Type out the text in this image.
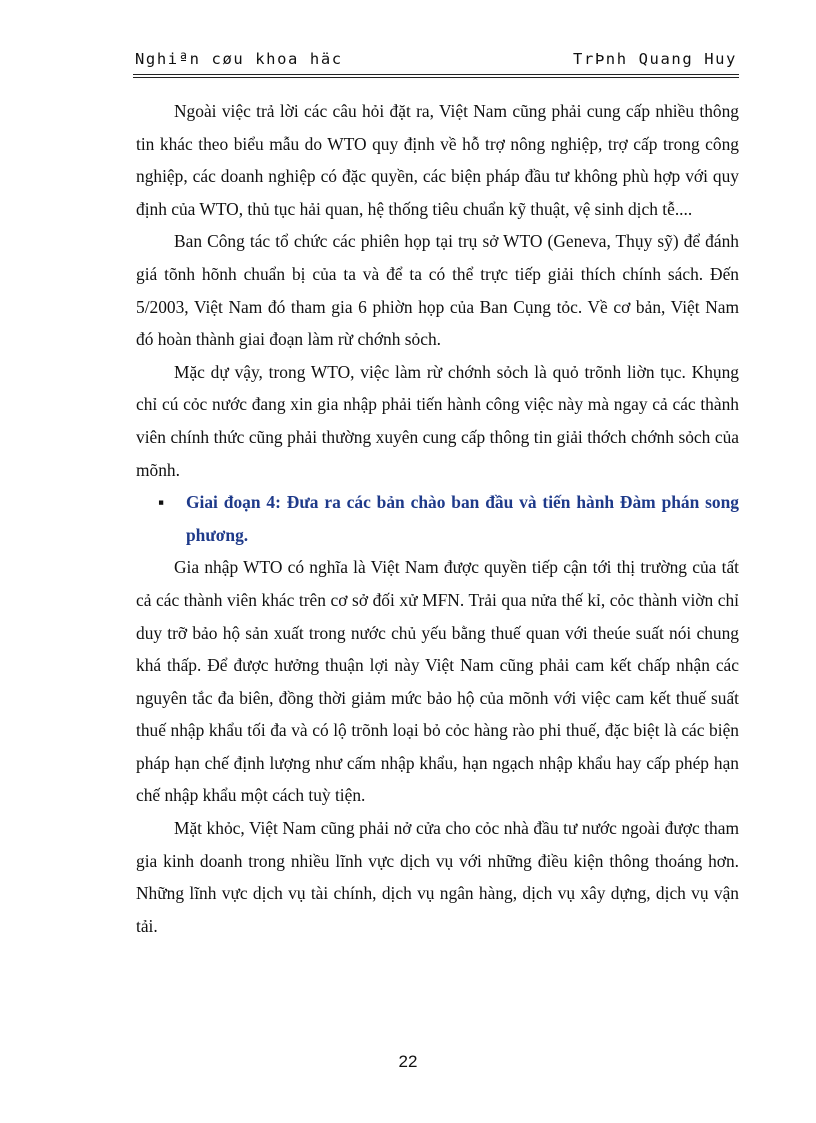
Nghiªn cøu khoa häc	TrÞnh Quang Huy

Ngoài việc trả lời các câu hỏi đặt ra, Việt Nam cũng phải cung cấp nhiều thông tin khác theo biểu mẫu do WTO quy định về hỗ trợ nông nghiệp, trợ cấp trong công nghiệp, các doanh nghiệp có đặc quyền, các biện pháp đầu tư không phù hợp với quy định của WTO, thủ tục hải quan, hệ thống tiêu chuẩn kỹ thuật, vệ sinh dịch tễ....

Ban Công tác tổ chức các phiên họp tại trụ sở WTO (Geneva, Thụy sỹ) để đánh giá tõnh hõnh chuẩn bị của ta và để ta có thể trực tiếp giải thích chính sách. Đến 5/2003, Việt Nam đó tham gia 6 phiờn họp của Ban Cụng tỏc. Về cơ bản, Việt Nam đó hoàn thành giai đoạn làm rừ chớnh sỏch.

Mặc dự vậy, trong WTO, việc làm rừ chớnh sỏch là quỏ trõnh liờn tục. Khụng chỉ cú cỏc nước đang xin gia nhập phải tiến hành công việc này mà ngay cả các thành viên chính thức cũng phải thường xuyên cung cấp thông tin giải thớch chớnh sỏch của mõnh.

▪ Giai đoạn 4: Đưa ra các bản chào ban đầu và tiến hành Đàm phán song phương.

Gia nhập WTO có nghĩa là Việt Nam được quyền tiếp cận tới thị trường của tất cả các thành viên khác trên cơ sở đối xử MFN. Trải qua nửa thế kỉ, cỏc thành viờn chỉ duy trỡ bảo hộ sản xuất trong nước chủ yếu bằng thuế quan với theúe suất nói chung khá thấp. Để được hưởng thuận lợi này Việt Nam cũng phải cam kết chấp nhận các nguyên tắc đa biên, đồng thời giảm mức bảo hộ của mõnh với việc cam kết thuế suất thuế nhập khẩu tối đa và có lộ trõnh loại bỏ cỏc hàng rào phi thuế, đặc biệt là các biện pháp hạn chế định lượng như cấm nhập khẩu, hạn ngạch nhập khẩu hay cấp phép hạn chế nhập khẩu một cách tuỳ tiện.

Mặt khỏc, Việt Nam cũng phải nở cửa cho cỏc nhà đầu tư nước ngoài được tham gia kinh doanh trong nhiều lĩnh vực dịch vụ với những điều kiện thông thoáng hơn. Những lĩnh vực dịch vụ tài chính, dịch vụ ngân hàng, dịch vụ xây dựng, dịch vụ vận tải.

22
